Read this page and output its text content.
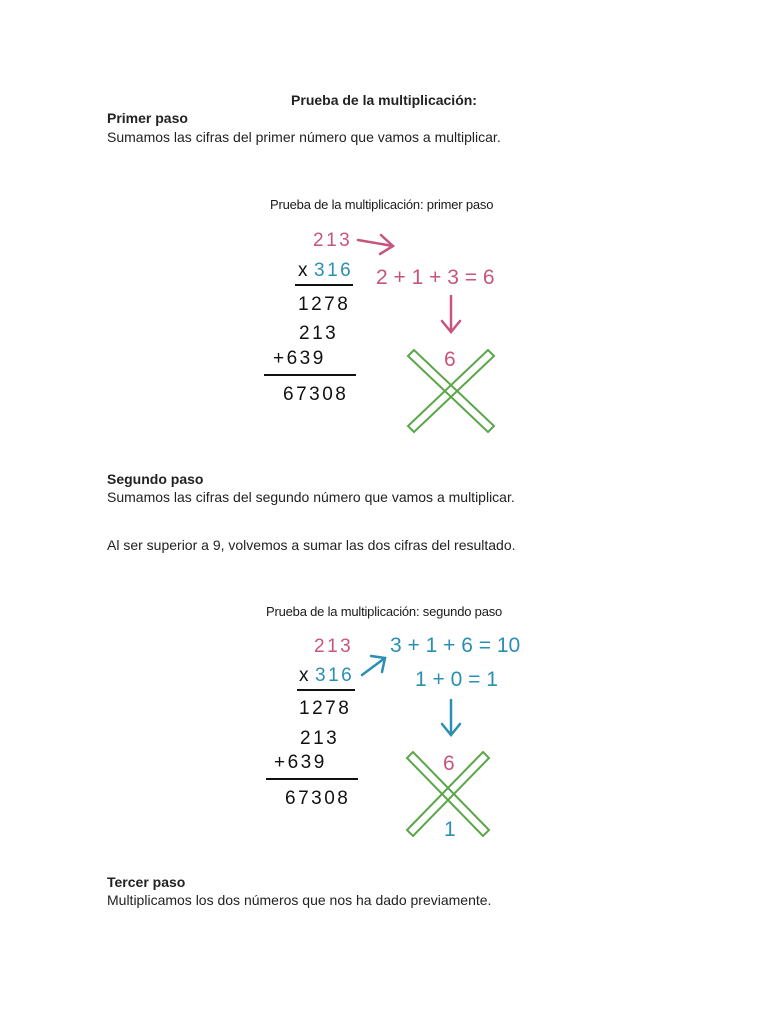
Prueba de la multiplicación:
Primer paso
Sumamos las cifras del primer número que vamos a multiplicar.
Prueba de la multiplicación: primer paso
213
x 316
1278
213
+639
67308
2 + 1 + 3 = 6
6
Segundo paso
Sumamos las cifras del segundo número que vamos a multiplicar.
Al ser superior a 9, volvemos a sumar las dos cifras del resultado.
Prueba de la multiplicación: segundo paso
213
x 316
1278
213
+639
67308
3 + 1 + 6 = 10
1 + 0 = 1
6
1
Tercer paso
Multiplicamos los dos números que nos ha dado previamente.
